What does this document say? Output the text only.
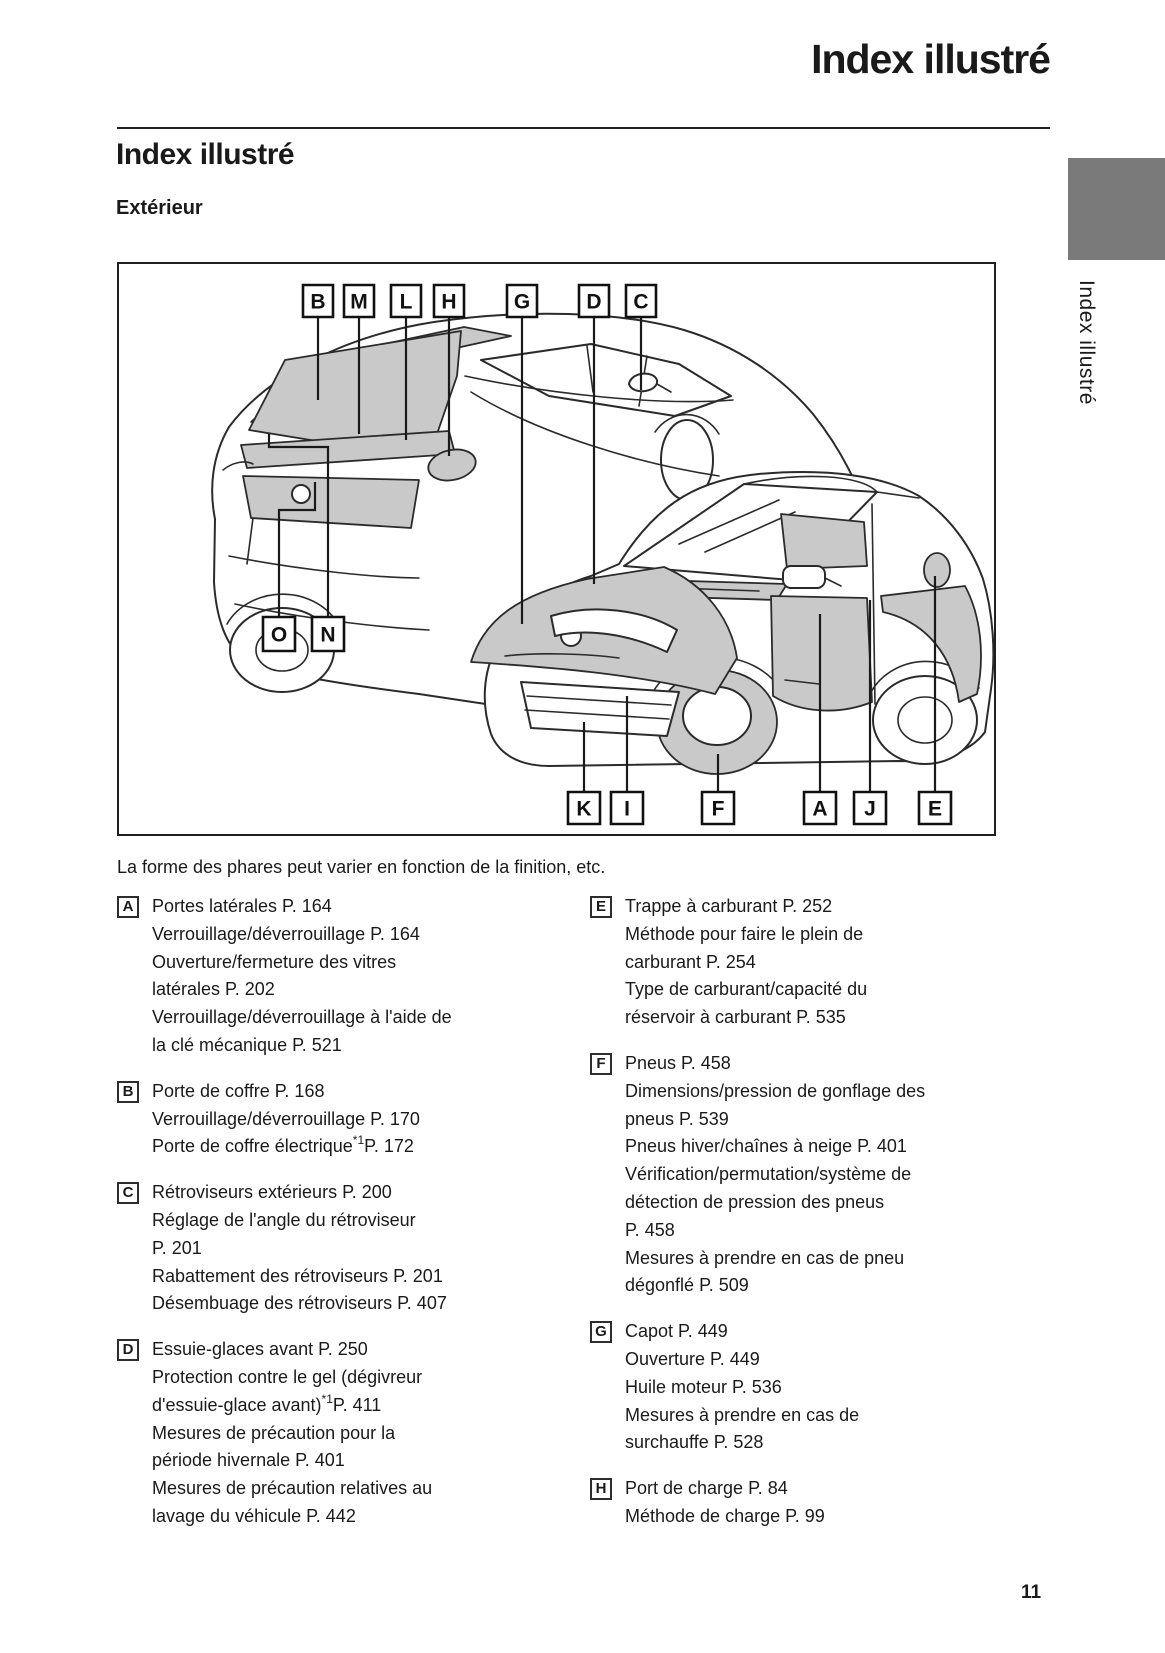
Index illustré
Index illustré
Extérieur
Index illustré
B M L H	G	D C
O N
K I	F	A J E
La forme des phares peut varier en fonction de la finition, etc.
A	Portes latérales P. 164
Verrouillage/déverrouillage P. 164
Ouverture/fermeture des vitres
latérales P. 202
Verrouillage/déverrouillage à l'aide de
la clé mécanique P. 521
B	Porte de coffre P. 168
Verrouillage/déverrouillage P. 170
Porte de coffre électrique$^{*1}$P. 172
C	Rétroviseurs extérieurs P. 200
Réglage de l'angle du rétroviseur
P. 201
Rabattement des rétroviseurs P. 201
Désembuage des rétroviseurs P. 407
D	Essuie-glaces avant P. 250
Protection contre le gel (dégivreur
d'essuie-glace avant)$^{*1}$P. 411
Mesures de précaution pour la
période hivernale P. 401
Mesures de précaution relatives au
lavage du véhicule P. 442
E	Trappe à carburant P. 252
Méthode pour faire le plein de
carburant P. 254
Type de carburant/capacité du
réservoir à carburant P. 535
F	Pneus P. 458
Dimensions/pression de gonflage des
pneus P. 539
Pneus hiver/chaînes à neige P. 401
Vérification/permutation/système de
détection de pression des pneus
P. 458
Mesures à prendre en cas de pneu
dégonflé P. 509
G Capot P. 449
Ouverture P. 449
Huile moteur P. 536
Mesures à prendre en cas de
surchauffe P. 528
H	Port de charge P. 84
Méthode de charge P. 99
11
